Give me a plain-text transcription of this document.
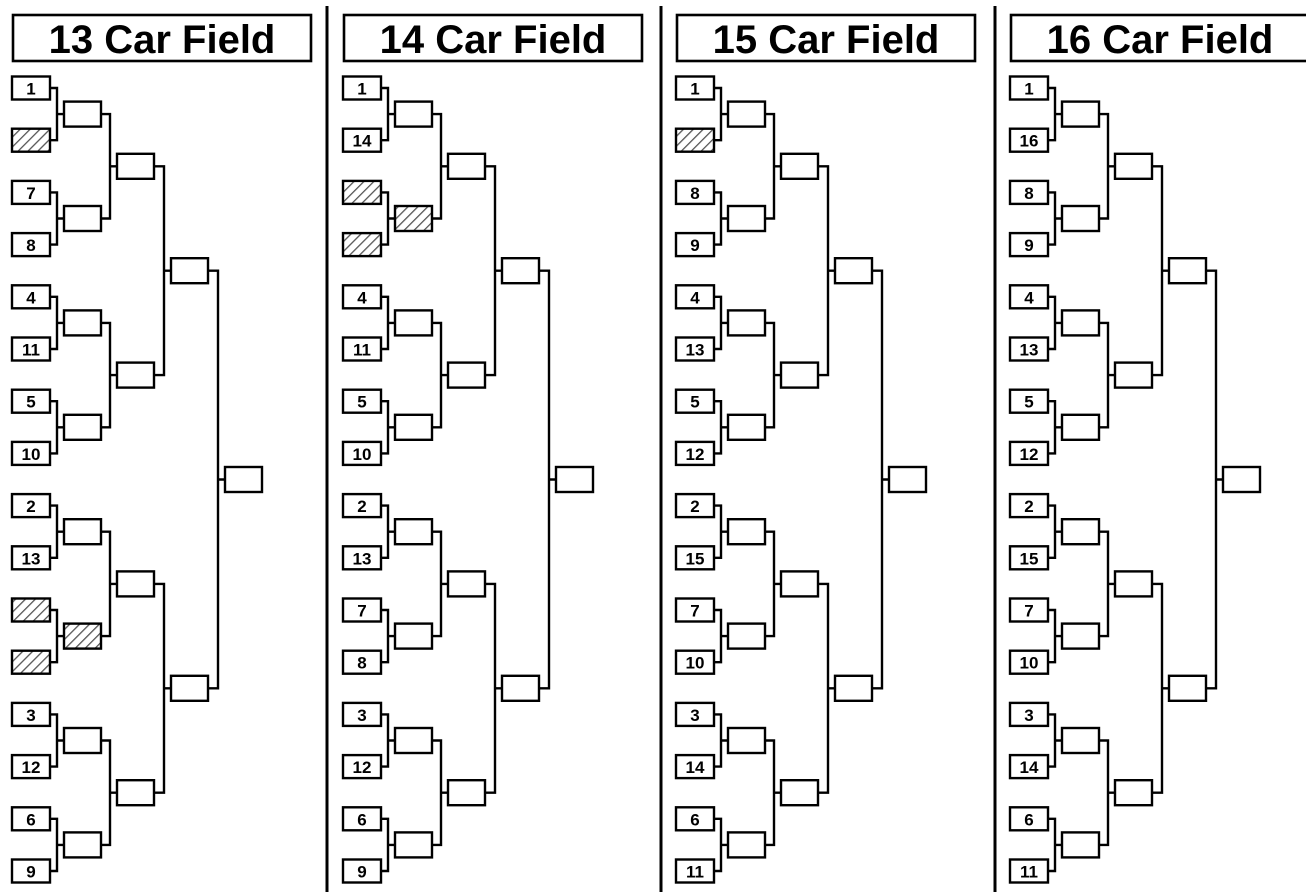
13 Car Field
1
7
8
4
11
5
10
2
13
3
12
6
9
14 Car Field
1
14
4
11
5
10
2
13
7
8
3
12
6
9
15 Car Field
1
8
9
4
13
5
12
2
15
7
10
3
14
6
11
16 Car Field
1
16
8
9
4
13
5
12
2
15
7
10
3
14
6
11
